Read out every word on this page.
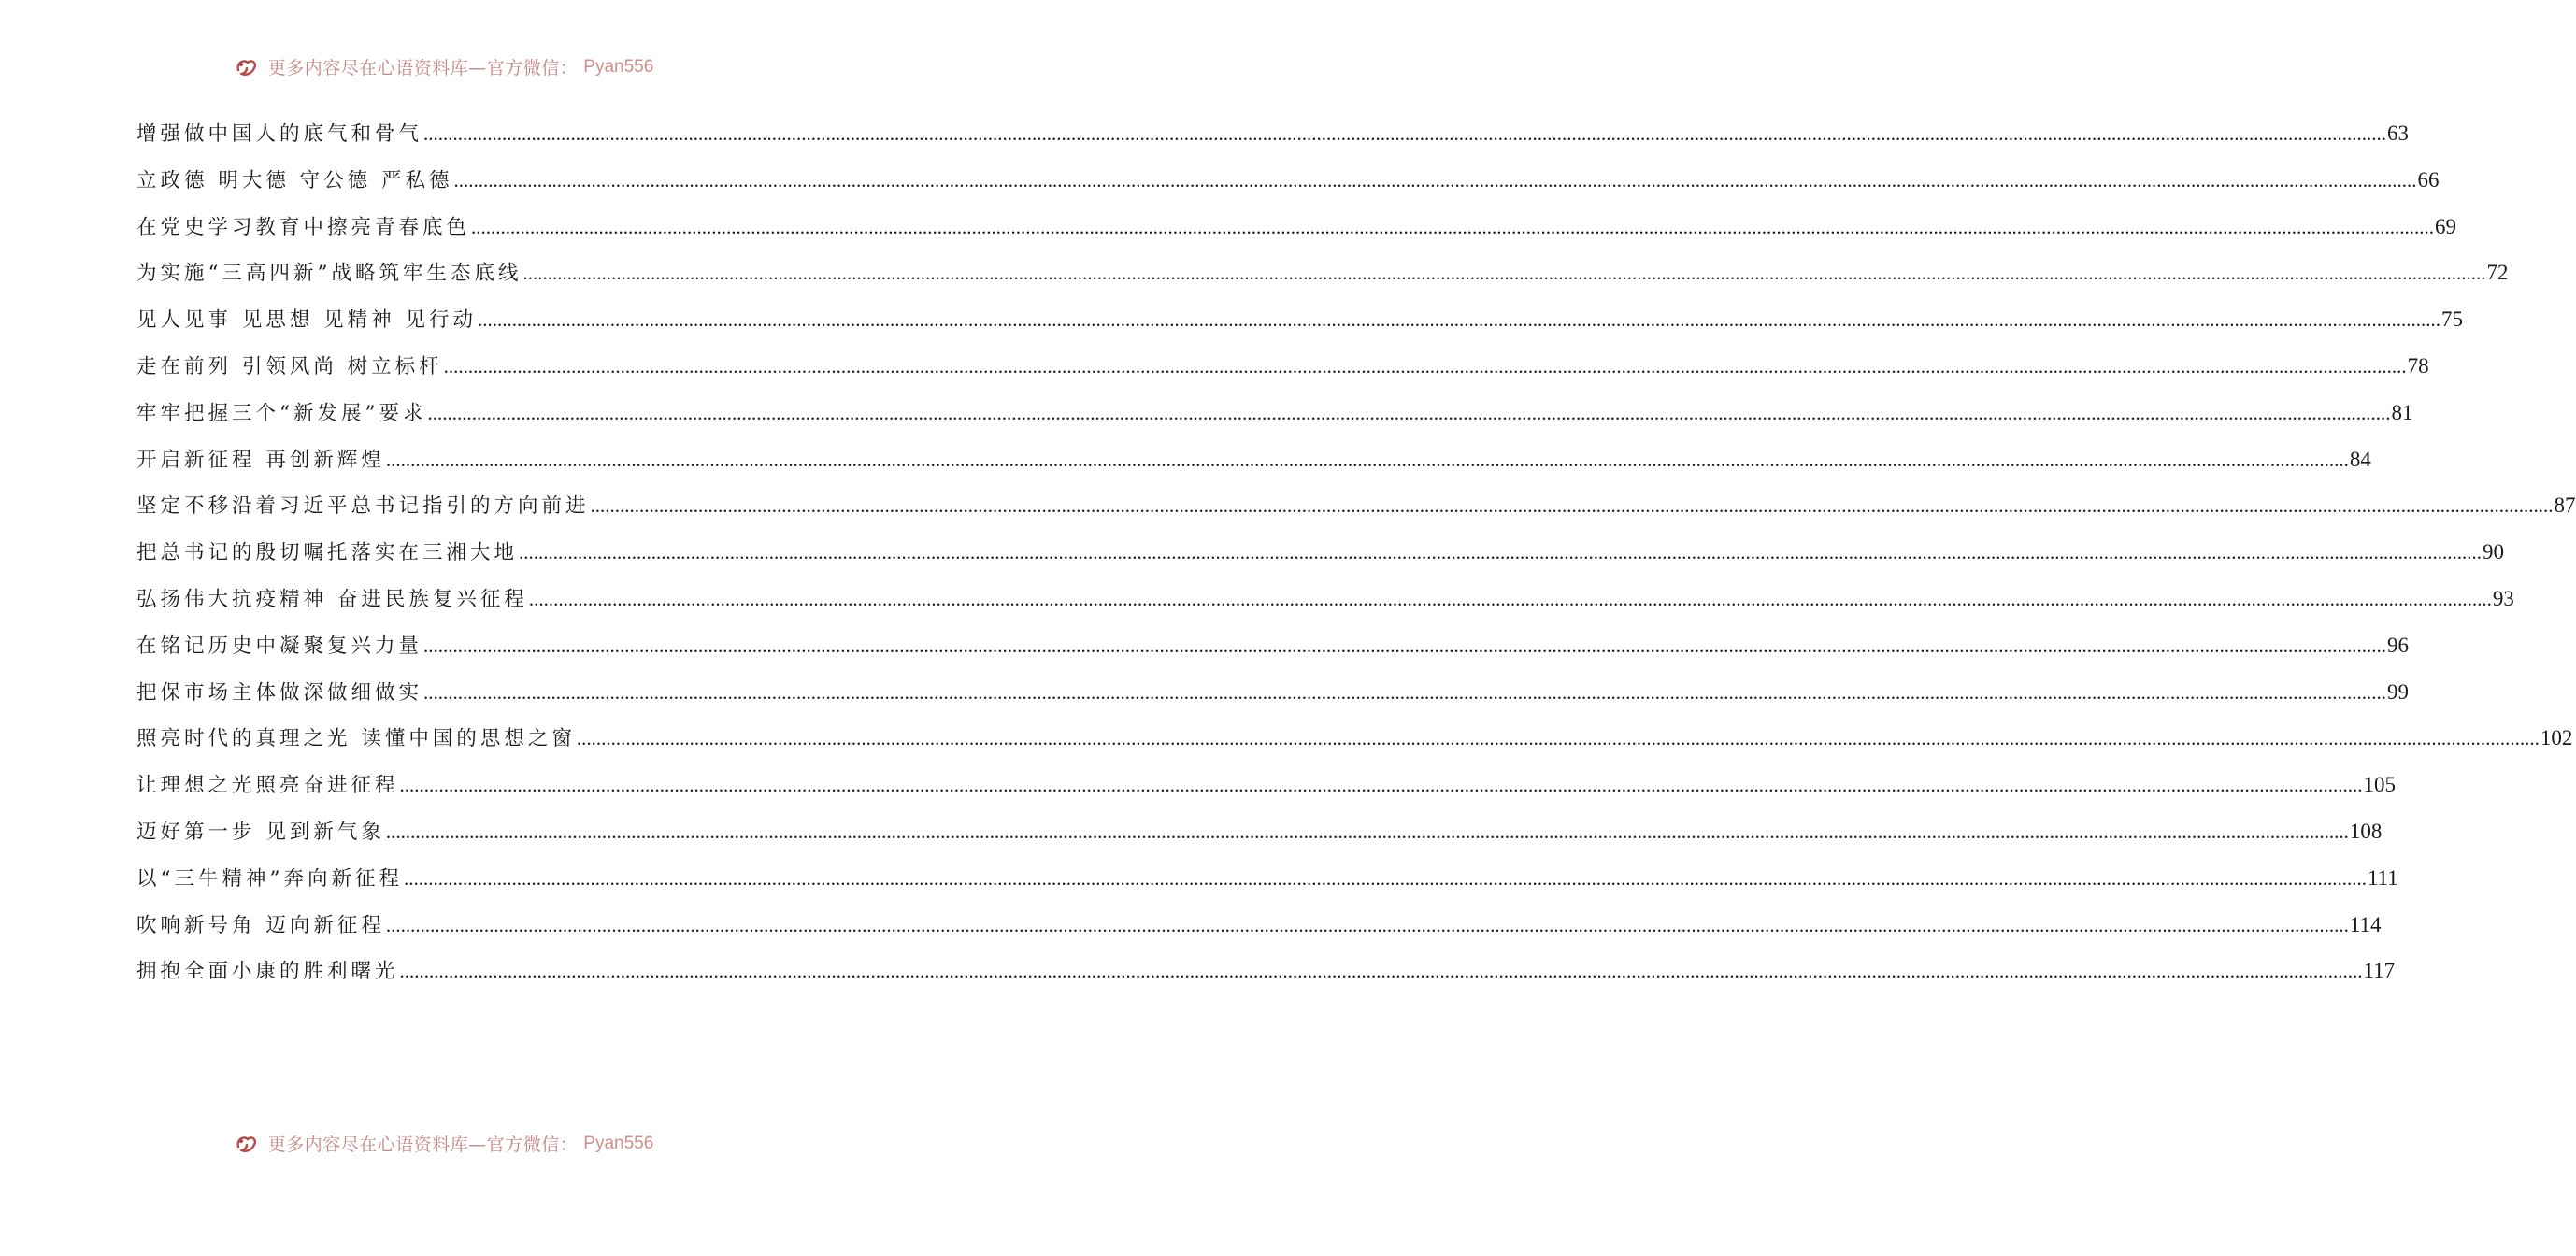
更多内容尽在心语资料库—官方微信： Pyan556
增强做中国人的底气和骨气 ................................................................................................................................................................................................................................................................................................................................................................................................................ 63
立政德 明大德 守公德 严私德 ................................................................................................................................................................................................................................................................................................................................................................................................................ 66
在党史学习教育中擦亮青春底色 ................................................................................................................................................................................................................................................................................................................................................................................................................ 69
为实施“三高四新”战略筑牢生态底线 ................................................................................................................................................................................................................................................................................................................................................................................................................ 72
见人见事 见思想 见精神 见行动 ................................................................................................................................................................................................................................................................................................................................................................................................................ 75
走在前列 引领风尚 树立标杆 ................................................................................................................................................................................................................................................................................................................................................................................................................ 78
牢牢把握三个“新发展”要求 ................................................................................................................................................................................................................................................................................................................................................................................................................ 81
开启新征程 再创新辉煌 ................................................................................................................................................................................................................................................................................................................................................................................................................ 84
坚定不移沿着习近平总书记指引的方向前进 ................................................................................................................................................................................................................................................................................................................................................................................................................ 87
把总书记的殷切嘱托落实在三湘大地 ................................................................................................................................................................................................................................................................................................................................................................................................................ 90
弘扬伟大抗疫精神 奋进民族复兴征程 ................................................................................................................................................................................................................................................................................................................................................................................................................ 93
在铭记历史中凝聚复兴力量 ................................................................................................................................................................................................................................................................................................................................................................................................................ 96
把保市场主体做深做细做实 ................................................................................................................................................................................................................................................................................................................................................................................................................ 99
照亮时代的真理之光 读懂中国的思想之窗 ................................................................................................................................................................................................................................................................................................................................................................................................................ 102
让理想之光照亮奋进征程 ................................................................................................................................................................................................................................................................................................................................................................................................................ 105
迈好第一步 见到新气象 ................................................................................................................................................................................................................................................................................................................................................................................................................ 108
以“三牛精神”奔向新征程 ................................................................................................................................................................................................................................................................................................................................................................................................................ 111
吹响新号角 迈向新征程 ................................................................................................................................................................................................................................................................................................................................................................................................................ 114
拥抱全面小康的胜利曙光 ................................................................................................................................................................................................................................................................................................................................................................................................................ 117
更多内容尽在心语资料库—官方微信： Pyan556
